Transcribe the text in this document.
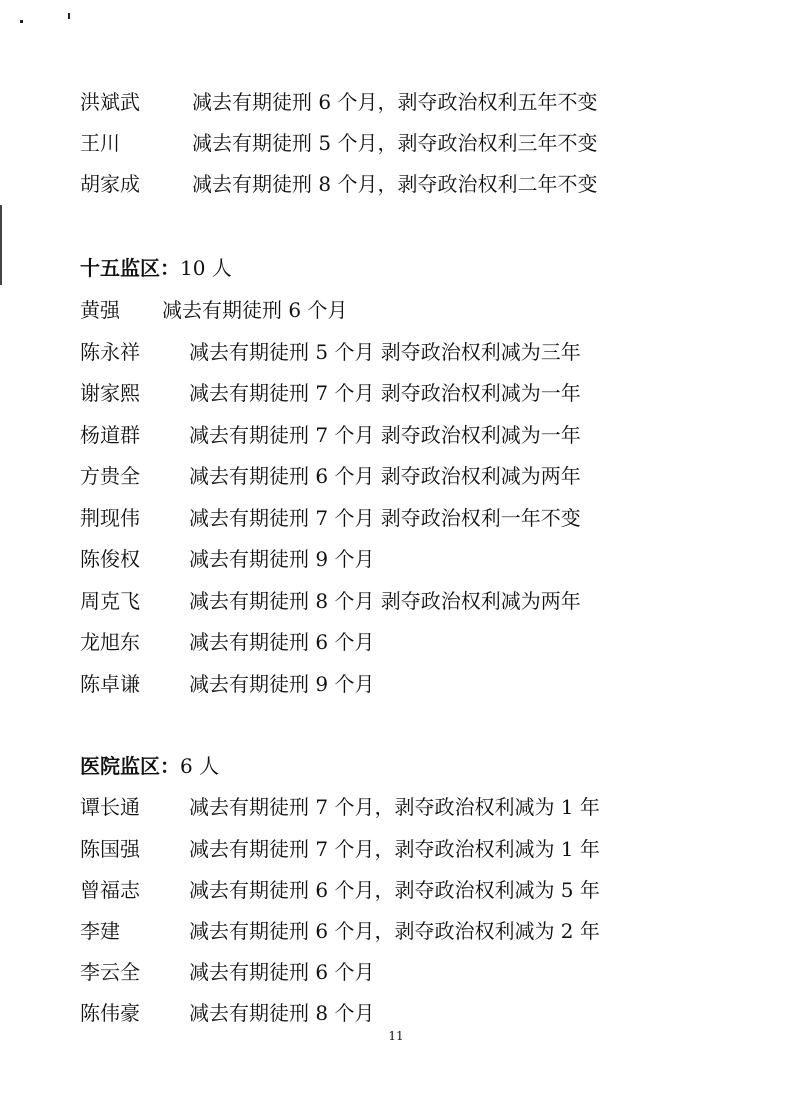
洪斌武	减去有期徒刑 6 个月，剥夺政治权利五年不变
王川	减去有期徒刑 5 个月，剥夺政治权利三年不变
胡家成	减去有期徒刑 8 个月，剥夺政治权利二年不变
十五监区：10 人
黄强 减去有期徒刑 6 个月
陈永祥 减去有期徒刑 5 个月 剥夺政治权利减为三年
谢家熙 减去有期徒刑 7 个月 剥夺政治权利减为一年
杨道群 减去有期徒刑 7 个月 剥夺政治权利减为一年
方贵全 减去有期徒刑 6 个月 剥夺政治权利减为两年
荆现伟 减去有期徒刑 7 个月 剥夺政治权利一年不变
陈俊权 减去有期徒刑 9 个月
周克飞 减去有期徒刑 8 个月 剥夺政治权利减为两年
龙旭东 减去有期徒刑 6 个月
陈卓谦 减去有期徒刑 9 个月
医院监区：6 人
谭长通 减去有期徒刑 7 个月，剥夺政治权利减为 1 年
陈国强 减去有期徒刑 7 个月，剥夺政治权利减为 1 年
曾福志 减去有期徒刑 6 个月，剥夺政治权利减为 5 年
李建	减去有期徒刑 6 个月，剥夺政治权利减为 2 年
李云全 减去有期徒刑 6 个月
陈伟豪 减去有期徒刑 8 个月
11
